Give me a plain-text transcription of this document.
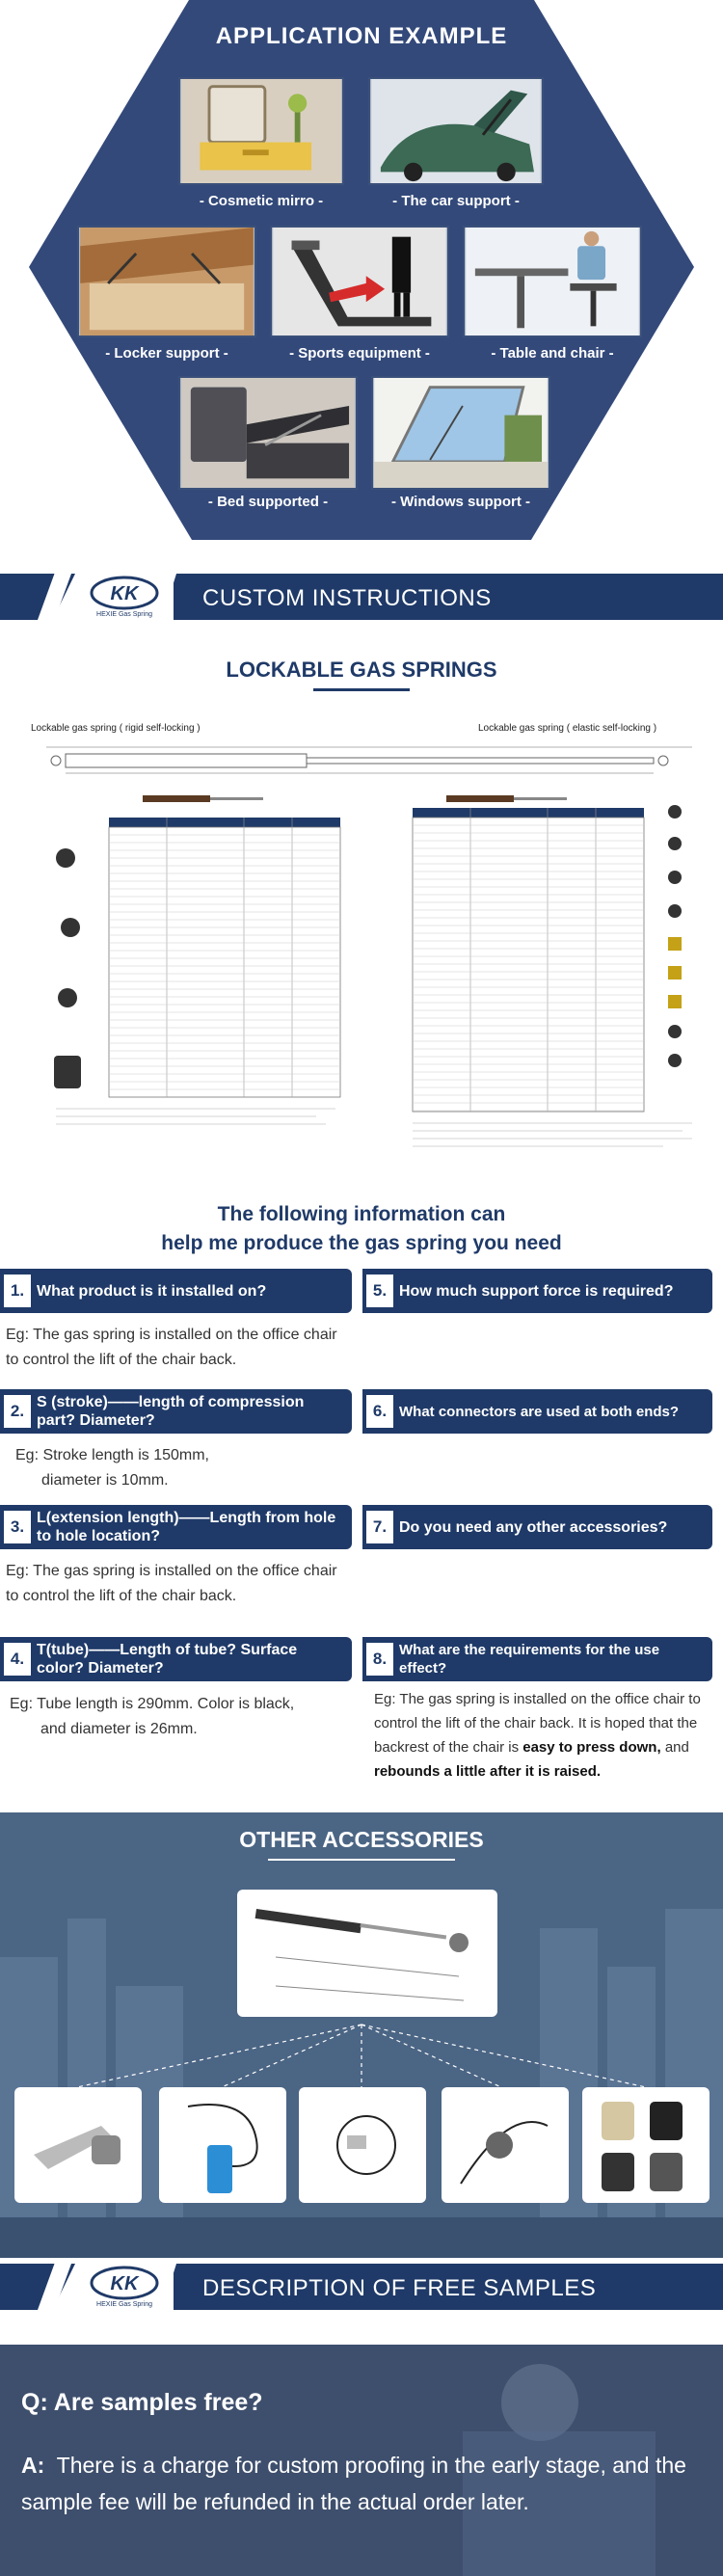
APPLICATION EXAMPLE
- Cosmetic mirro -	- The car support -
- Locker support -	- Sports equipment -	- Table and chair -
- Bed supported -	- Windows support -
KK
HEXIE Gas Spring
CUSTOM INSTRUCTIONS
LOCKABLE GAS SPRINGS
Lockable gas spring ( rigid self-locking )	Lockable gas spring ( elastic self-locking )
The following information can
help me produce the gas spring you need
1. What product is it installed on?
Eg: The gas spring is installed on the office chair to control the lift of the chair back.
2. S (stroke)——length of compression part? Diameter?
Eg: Stroke length is 150mm,
diameter is 10mm.
3. L(extension length)——Length from hole to hole location?
Eg: The gas spring is installed on the office chair to control the lift of the chair back.
4. T(tube)——Length of tube? Surface color? Diameter?
Eg: Tube length is 290mm. Color is black,
and diameter is 26mm.
5. How much support force is required?
6. What connectors are used at both ends?
7. Do you need any other accessories?
8. What are the requirements for the use effect?
Eg: The gas spring is installed on the office chair to control the lift of the chair back. It is hoped that the backrest of the chair is easy to press down, and rebounds a little after it is raised.
OTHER ACCESSORIES
KK
HEXIE Gas Spring
DESCRIPTION OF FREE SAMPLES
Q: Are samples free?
A: There is a charge for custom proofing in the early stage, and the sample fee will be refunded in the actual order later.
